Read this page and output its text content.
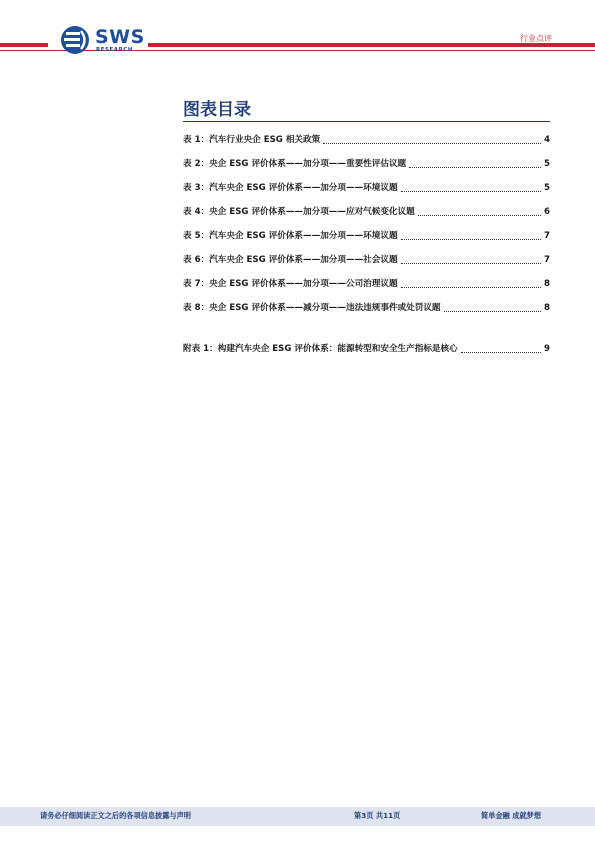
SWS
RESEARCH
行业点评
图表目录
表 1：汽车行业央企 ESG 相关政策	4
表 2：央企 ESG 评价体系——加分项——重要性评估议题	5
表 3：汽车央企 ESG 评价体系——加分项——环境议题	5
表 4：央企 ESG 评价体系——加分项——应对气候变化议题	6
表 5：汽车央企 ESG 评价体系——加分项——环境议题	7
表 6：汽车央企 ESG 评价体系——加分项——社会议题	7
表 7：央企 ESG 评价体系——加分项——公司治理议题	8
表 8：央企 ESG 评价体系——减分项——违法违规事件或处罚议题	8
附表 1：构建汽车央企 ESG 评价体系：能源转型和安全生产指标是核心	9
请务必仔细阅读正文之后的各项信息披露与声明	第3页 共11页	简单金融 成就梦想
